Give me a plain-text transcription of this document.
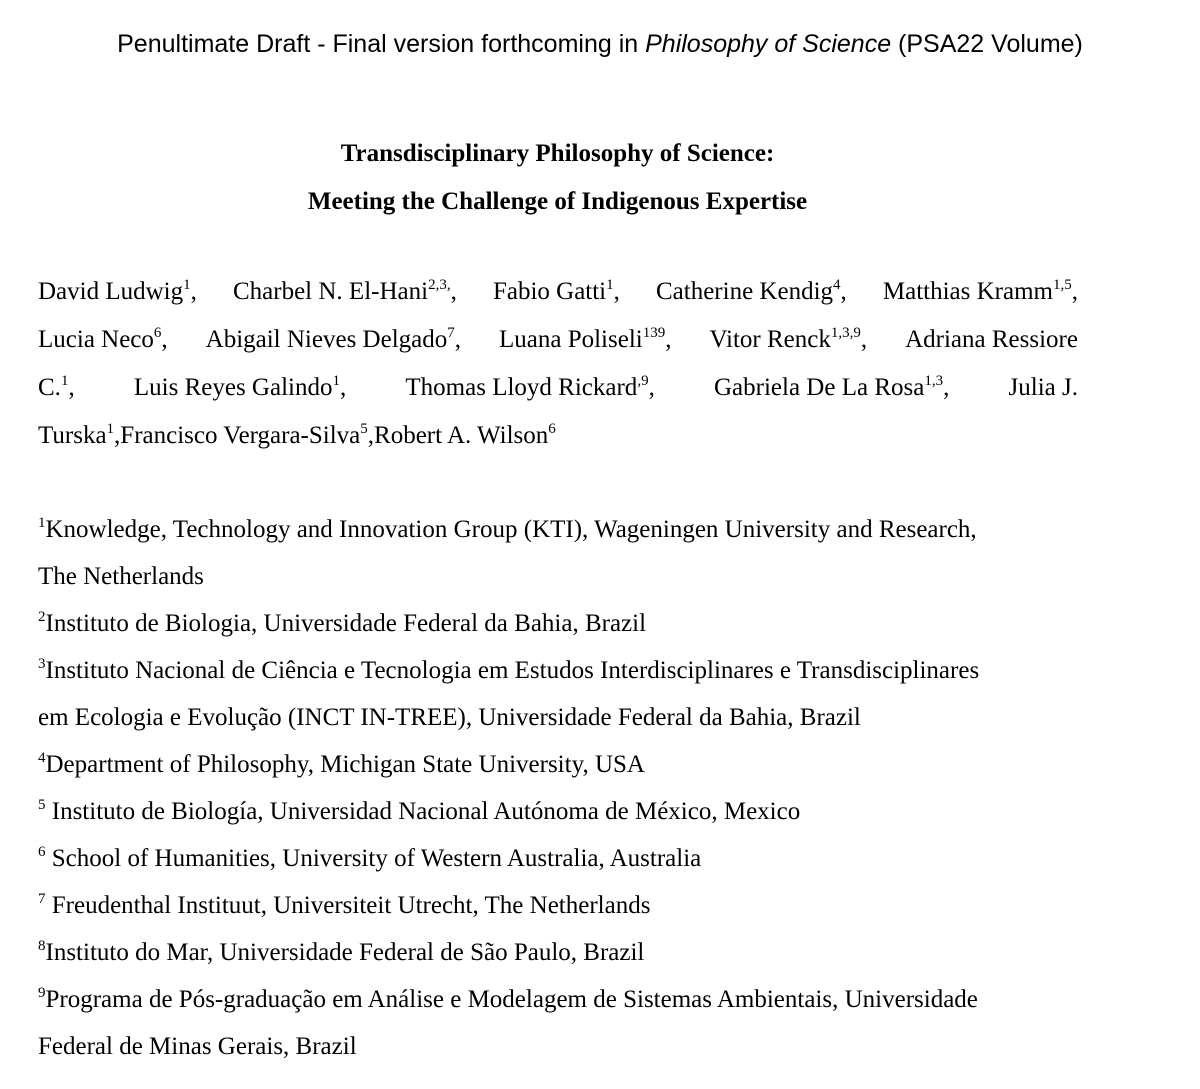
Penultimate Draft - Final version forthcoming in Philosophy of Science (PSA22 Volume)
Transdisciplinary Philosophy of Science:
Meeting the Challenge of Indigenous Expertise
David Ludwig$^1$, Charbel N. El-Hani$^{2,3,}$, Fabio Gatti$^1$, Catherine Kendig$^4$, Matthias Kramm$^{1,5}$,
Lucia Neco$^6$, Abigail Nieves Delgado$^7$, Luana Poliseli$^{139}$, Vitor Renck$^{1,3,9}$, Adriana Ressiore
C.$^1$, Luis Reyes Galindo$^1$, Thomas Lloyd Rickard$^{,9}$, Gabriela De La Rosa$^{1,3}$, Julia J.
Turska$^1$, Francisco Vergara-Silva$^5$, Robert A. Wilson$^6$
$^1$Knowledge, Technology and Innovation Group (KTI), Wageningen University and Research,
The Netherlands
$^2$Instituto de Biologia, Universidade Federal da Bahia, Brazil
$^3$Instituto Nacional de Ciência e Tecnologia em Estudos Interdisciplinares e Transdisciplinares
em Ecologia e Evolução (INCT IN-TREE), Universidade Federal da Bahia, Brazil
$^4$Department of Philosophy, Michigan State University, USA
$^5$ Instituto de Biología, Universidad Nacional Autónoma de México, Mexico
$^6$ School of Humanities, University of Western Australia, Australia
$^7$ Freudenthal Instituut, Universiteit Utrecht, The Netherlands
$^8$Instituto do Mar, Universidade Federal de São Paulo, Brazil
$^9$Programa de Pós-graduação em Análise e Modelagem de Sistemas Ambientais, Universidade
Federal de Minas Gerais, Brazil
